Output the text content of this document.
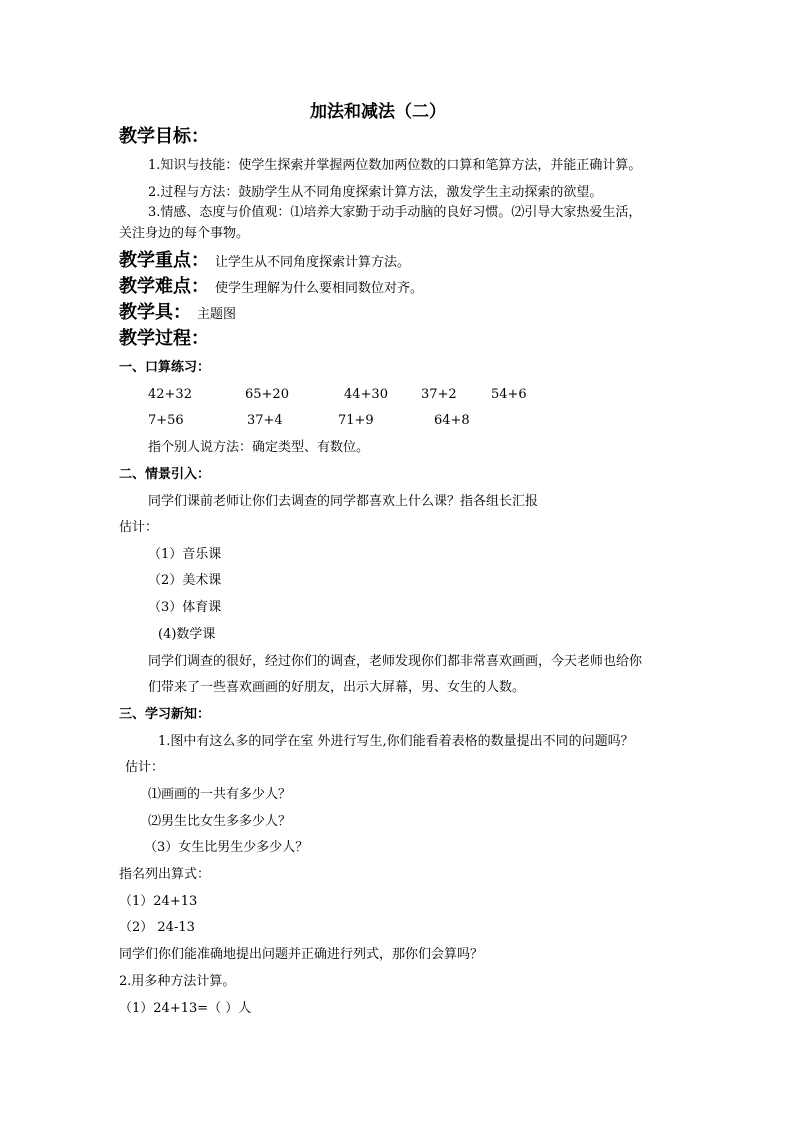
加法和减法（二）
教学目标：
1.知识与技能：使学生探索并掌握两位数加两位数的口算和笔算方法，并能正确计算。
2.过程与方法：鼓励学生从不同角度探索计算方法，激发学生主动探索的欲望。
3.情感、态度与价值观：⑴培养大家勤于动手动脑的良好习惯。⑵引导大家热爱生活，
关注身边的每个事物。
教学重点： 让学生从不同角度探索计算方法。
教学难点： 使学生理解为什么要相同数位对齐。
教学具： 主题图
教学过程：
一、口算练习：
42+32	65+20	44+30	37+2	54+6
7+56	37+4	71+9	64+8
指个别人说方法：确定类型、有数位。
二、情景引入：
同学们课前老师让你们去调查的同学都喜欢上什么课？指各组长汇报
估计：
（1）音乐课
（2）美术课
（3）体育课
(4)数学课
同学们调查的很好，经过你们的调查，老师发现你们都非常喜欢画画，今天老师也给你
们带来了一些喜欢画画的好朋友，出示大屏幕，男、女生的人数。
三、学习新知：
1.图中有这么多的同学在室 外进行写生,你们能看着表格的数量提出不同的问题吗？
估计：
⑴画画的一共有多少人？
⑵男生比女生多多少人？
（3）女生比男生少多少人？
指名列出算式：
（1）24+13
（2） 24-13
同学们你们能准确地提出问题并正确进行列式，那你们会算吗？
2.用多种方法计算。
（1）24+13=（ ）人
